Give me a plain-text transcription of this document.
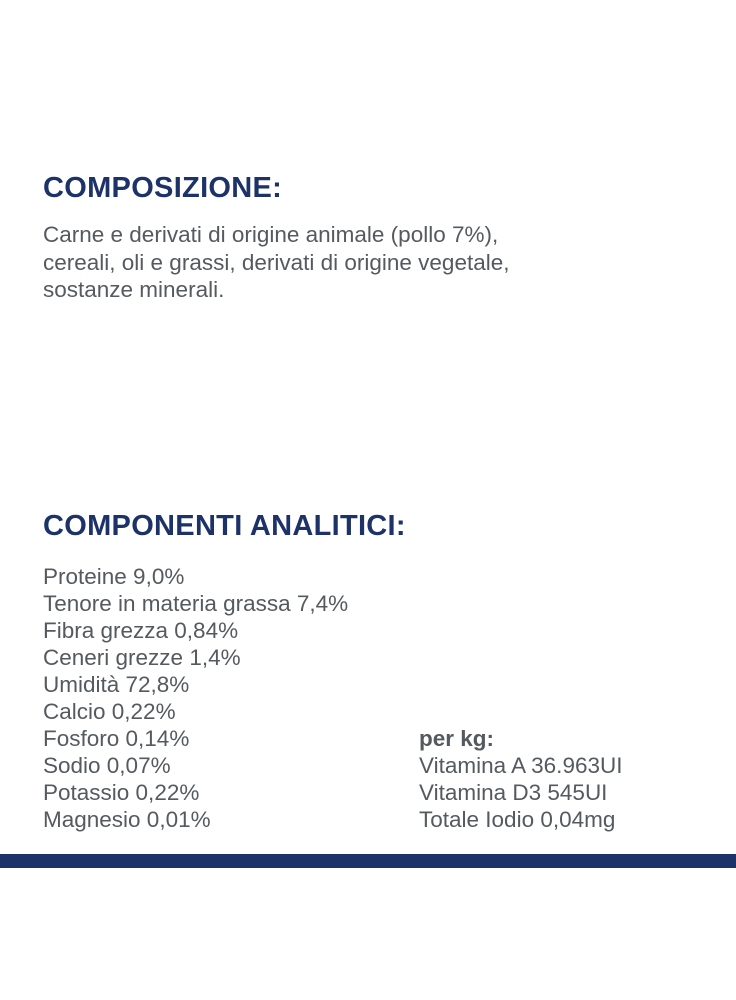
COMPOSIZIONE:

Carne e derivati di origine animale (pollo 7%),
cereali, oli e grassi, derivati di origine vegetale,
sostanze minerali.

COMPONENTI ANALITICI:
Proteine 9,0%
Tenore in materia grassa 7,4%
Fibra grezza 0,84%
Ceneri grezze 1,4%
Umidità 72,8%
Calcio 0,22%
Fosforo 0,14%
Sodio 0,07%
Potassio 0,22%
Magnesio 0,01%
per kg:
Vitamina A 36.963UI
Vitamina D3 545UI
Totale Iodio 0,04mg
